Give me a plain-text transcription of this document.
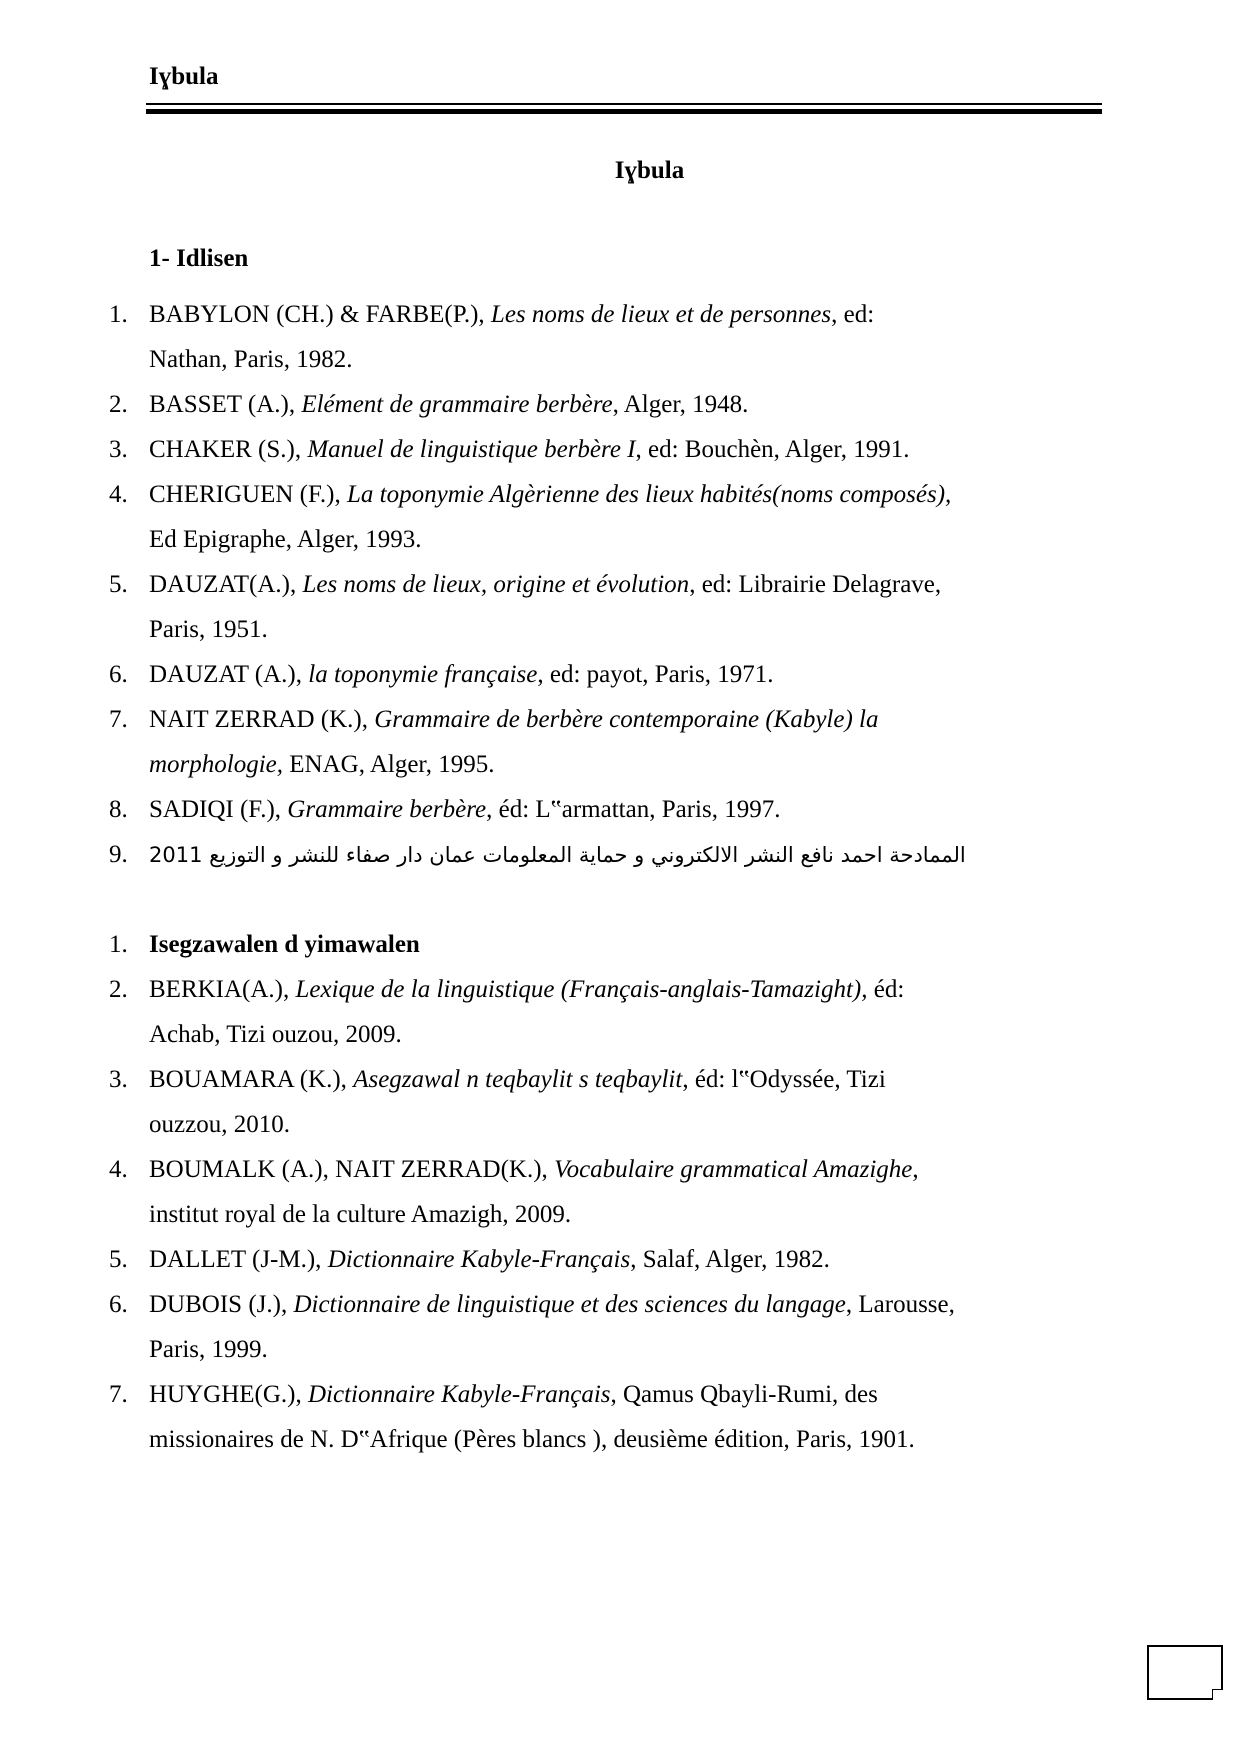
Iɣbula
Iɣbula
1- Idlisen
1. BABYLON (CH.) & FARBE(P.), Les noms de lieux et de personnes, ed:
Nathan, Paris, 1982.
2. BASSET (A.), Elément de grammaire berbère, Alger, 1948.
3. CHAKER (S.), Manuel de linguistique berbère I, ed: Bouchèn, Alger, 1991.
4. CHERIGUEN (F.), La toponymie Algèrienne des lieux habités(noms composés),
Ed Epigraphe, Alger, 1993.
5. DAUZAT(A.), Les noms de lieux, origine et évolution, ed: Librairie Delagrave,
Paris, 1951.
6. DAUZAT (A.), la toponymie française, ed: payot, Paris, 1971.
7. NAIT ZERRAD (K.), Grammaire de berbère contemporaine (Kabyle) la
morphologie, ENAG, Alger, 1995.
8. SADIQI (F.), Grammaire berbère, éd: L‟armattan, Paris, 1997.
9. الممادحة احمد نافع النشر الالكتروني و حماية المعلومات عمان دار صفاء للنشر و التوزيع 2011
1. Isegzawalen d yimawalen
2. BERKIA(A.), Lexique de la linguistique (Français-anglais-Tamazight), éd:
Achab, Tizi ouzou, 2009.
3. BOUAMARA (K.), Asegzawal n teqbaylit s teqbaylit, éd: l‟Odyssée, Tizi
ouzzou, 2010.
4. BOUMALK (A.), NAIT ZERRAD(K.), Vocabulaire grammatical Amazighe,
institut royal de la culture Amazigh, 2009.
5. DALLET (J-M.), Dictionnaire Kabyle-Français, Salaf, Alger, 1982.
6. DUBOIS (J.), Dictionnaire de linguistique et des sciences du langage, Larousse,
Paris, 1999.
7. HUYGHE(G.), Dictionnaire Kabyle-Français, Qamus Qbayli-Rumi, des
missionaires de N. D‟Afrique (Pères blancs ), deusième édition, Paris, 1901.
